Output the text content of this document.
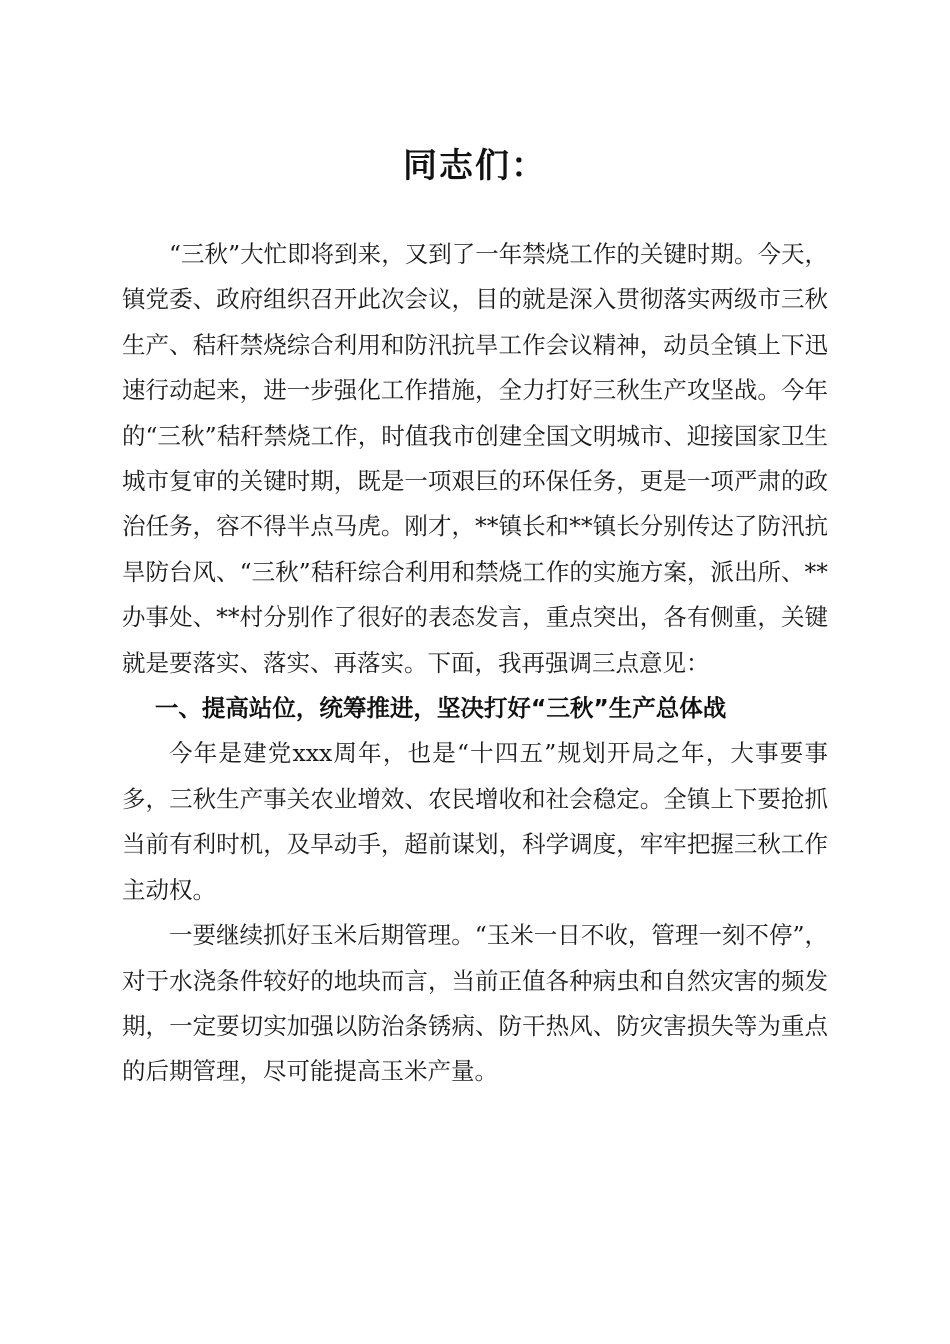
同志们：

“三秋”大忙即将到来，又到了一年禁烧工作的关键时期。今天，镇党委、政府组织召开此次会议，目的就是深入贯彻落实两级市三秋生产、秸秆禁烧综合利用和防汛抗旱工作会议精神，动员全镇上下迅速行动起来，进一步强化工作措施，全力打好三秋生产攻坚战。今年的“三秋”秸秆禁烧工作，时值我市创建全国文明城市、迎接国家卫生城市复审的关键时期，既是一项艰巨的环保任务，更是一项严肃的政治任务，容不得半点马虎。刚才，**镇长和**镇长分别传达了防汛抗旱防台风、“三秋”秸秆综合利用和禁烧工作的实施方案，派出所、**办事处、**村分别作了很好的表态发言，重点突出，各有侧重，关键就是要落实、落实、再落实。下面，我再强调三点意见：

一、提高站位，统筹推进，坚决打好“三秋”生产总体战

今年是建党xxx周年，也是“十四五”规划开局之年，大事要事多，三秋生产事关农业增效、农民增收和社会稳定。全镇上下要抢抓当前有利时机，及早动手，超前谋划，科学调度，牢牢把握三秋工作主动权。

一要继续抓好玉米后期管理。“玉米一日不收，管理一刻不停”，对于水浇条件较好的地块而言，当前正值各种病虫和自然灾害的频发期，一定要切实加强以防治条锈病、防干热风、防灾害损失等为重点的后期管理，尽可能提高玉米产量。
